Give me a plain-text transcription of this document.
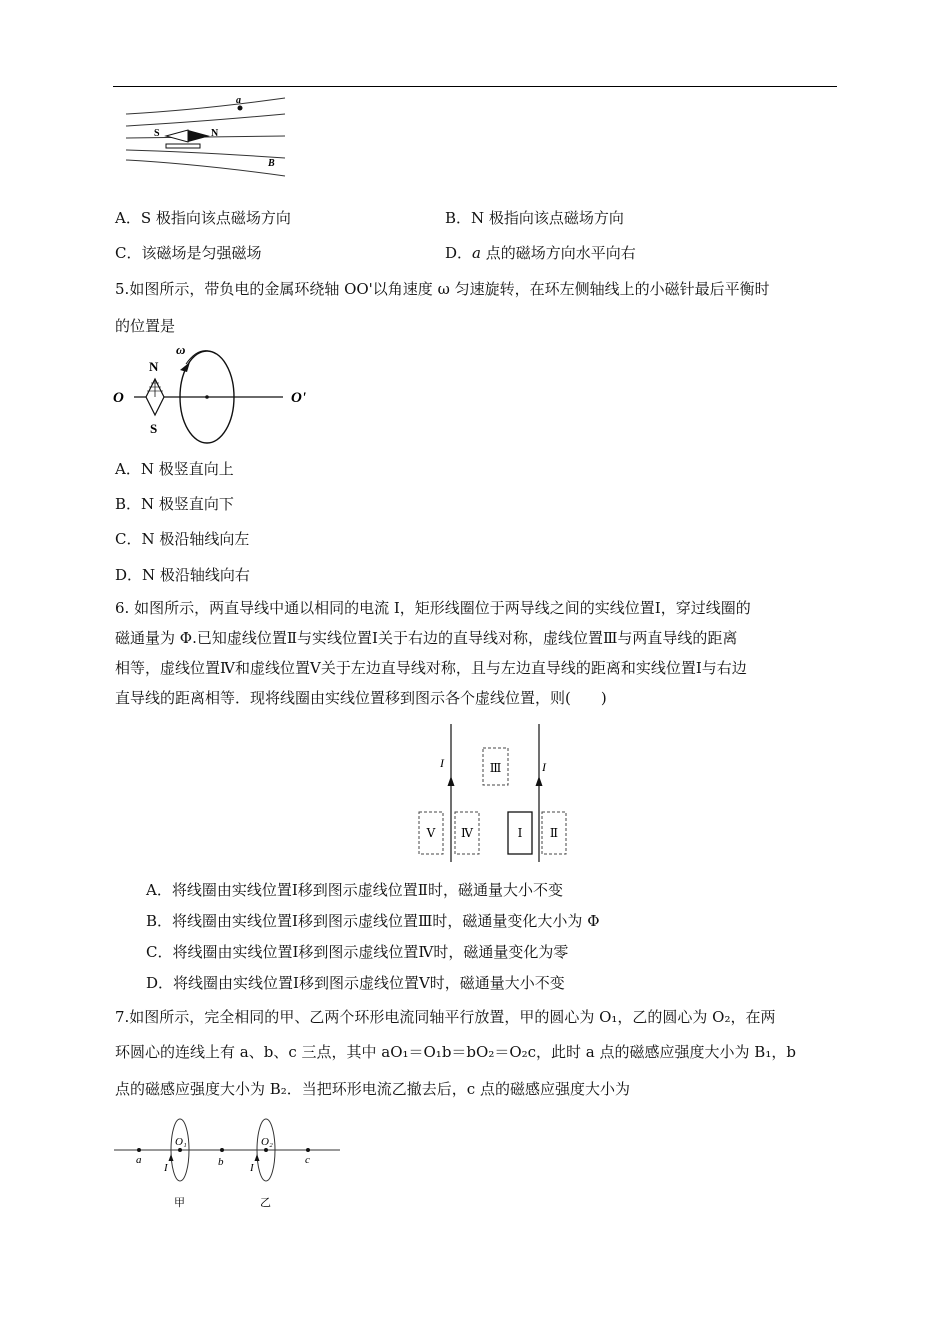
a
S	N
B
A．S 极指向该点磁场方向	B．N 极指向该点磁场方向
C．该磁场是匀强磁场	D．a 点的磁场方向水平向右
5.如图所示，带负电的金属环绕轴 OO'以角速度 ω 匀速旋转，在环左侧轴线上的小磁针最后平衡时
的位置是
ω
N
S
O	O'
A．N 极竖直向上
B．N 极竖直向下
C．N 极沿轴线向左
D．N 极沿轴线向右
6. 如图所示，两直导线中通以相同的电流 I，矩形线圈位于两导线之间的实线位置Ⅰ，穿过线圈的
磁通量为 Φ.已知虚线位置Ⅱ与实线位置Ⅰ关于右边的直导线对称，虚线位置Ⅲ与两直导线的距离
相等，虚线位置Ⅳ和虚线位置Ⅴ关于左边直导线对称，且与左边直导线的距离和实线位置Ⅰ与右边
直导线的距离相等．现将线圈由实线位置移到图示各个虚线位置，则(　　)
I	I
Ⅲ
Ⅴ Ⅳ	Ⅰ Ⅱ
A．将线圈由实线位置Ⅰ移到图示虚线位置Ⅱ时，磁通量大小不变
B．将线圈由实线位置Ⅰ移到图示虚线位置Ⅲ时，磁通量变化大小为 Φ
C．将线圈由实线位置Ⅰ移到图示虚线位置Ⅳ时，磁通量变化为零
D．将线圈由实线位置Ⅰ移到图示虚线位置Ⅴ时，磁通量大小不变
7.如图所示，完全相同的甲、乙两个环形电流同轴平行放置，甲的圆心为 O₁，乙的圆心为 O₂，在两
环圆心的连线上有 a、b、c 三点，其中 aO₁＝O₁b＝bO₂＝O₂c，此时 a 点的磁感应强度大小为 B₁，b
点的磁感应强度大小为 B₂．当把环形电流乙撤去后，c 点的磁感应强度大小为
a	b	c
O₁	O₂
I	I
甲	乙
